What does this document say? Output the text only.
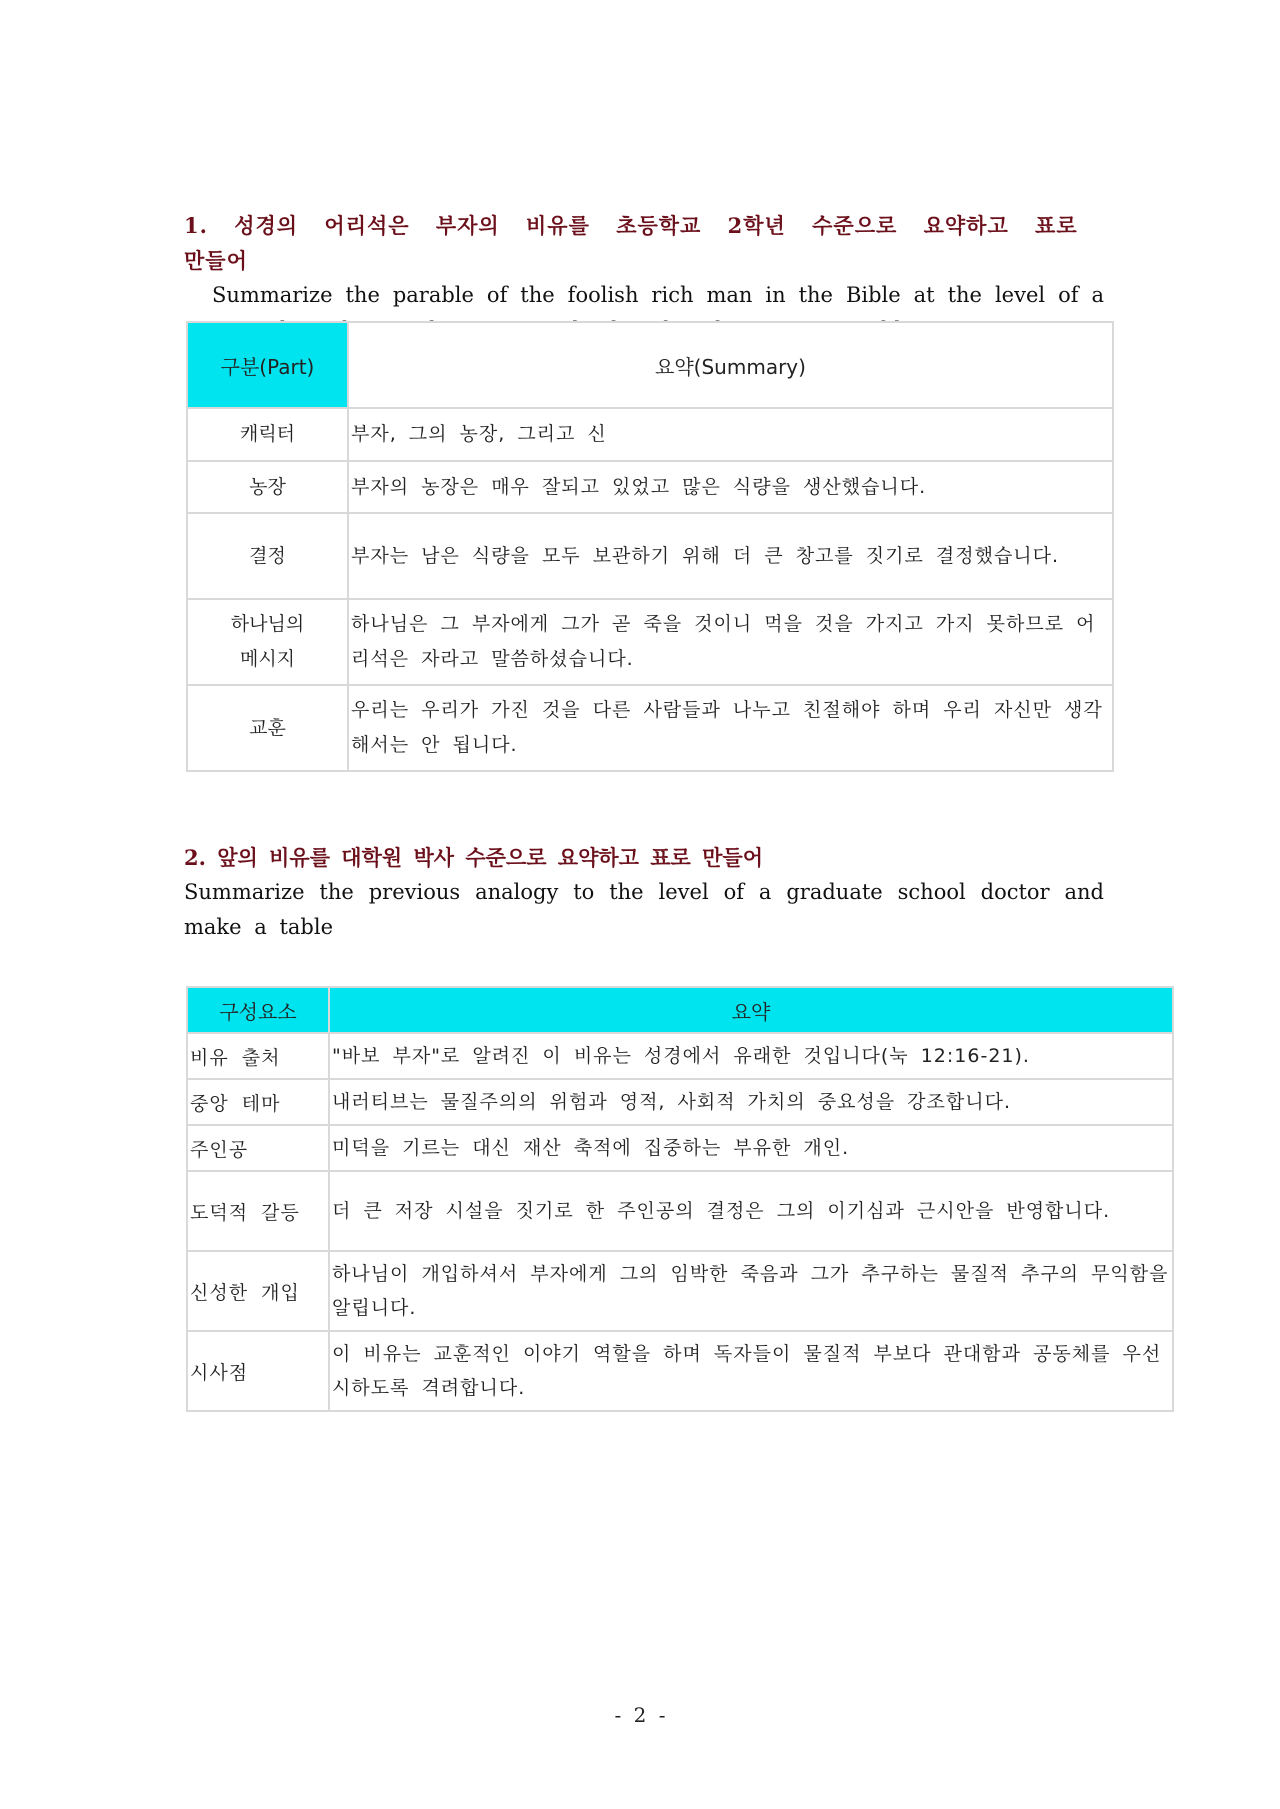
1. 성경의 어리석은 부자의 비유를 초등학교 2학년 수준으로 요약하고 표로 만들어
Summarize the parable of the foolish rich man in the Bible at the level of a
구분(Part)	요약(Summary)
캐릭터	부자, 그의 농장, 그리고 신
농장	부자의 농장은 매우 잘되고 있었고 많은 식량을 생산했습니다.
결정	부자는 남은 식량을 모두 보관하기 위해 더 큰 창고를 짓기로 결정했습니다.

하나님의
메시지	하나님은 그 부자에게 그가 곧 죽을 것이니 먹을 것을 가지고 가지 못하므로 어리석은 자라고 말씀하셨습니다.
교훈	우리는 우리가 가진 것을 다른 사람들과 나누고 친절해야 하며 우리 자신만 생각해서는 안 됩니다.
2. 앞의 비유를 대학원 박사 수준으로 요약하고 표로 만들어
Summarize the previous analogy to the level of a graduate school doctor and make a table
구성요소	요약
비유 출처	"바보 부자"로 알려진 이 비유는 성경에서 유래한 것입니다(눅 12:16-21).
중앙 테마	내러티브는 물질주의의 위험과 영적, 사회적 가치의 중요성을 강조합니다.
주인공	미덕을 기르는 대신 재산 축적에 집중하는 부유한 개인.
도덕적 갈등	더 큰 저장 시설을 짓기로 한 주인공의 결정은 그의 이기심과 근시안을 반영합니다.
신성한 개입	하나님이 개입하셔서 부자에게 그의 임박한 죽음과 그가 추구하는 물질적 추구의 무익함을 알립니다.
시사점	이 비유는 교훈적인 이야기 역할을 하며 독자들이 물질적 부보다 관대함과 공동체를 우선시하도록 격려합니다.
- 2 -
